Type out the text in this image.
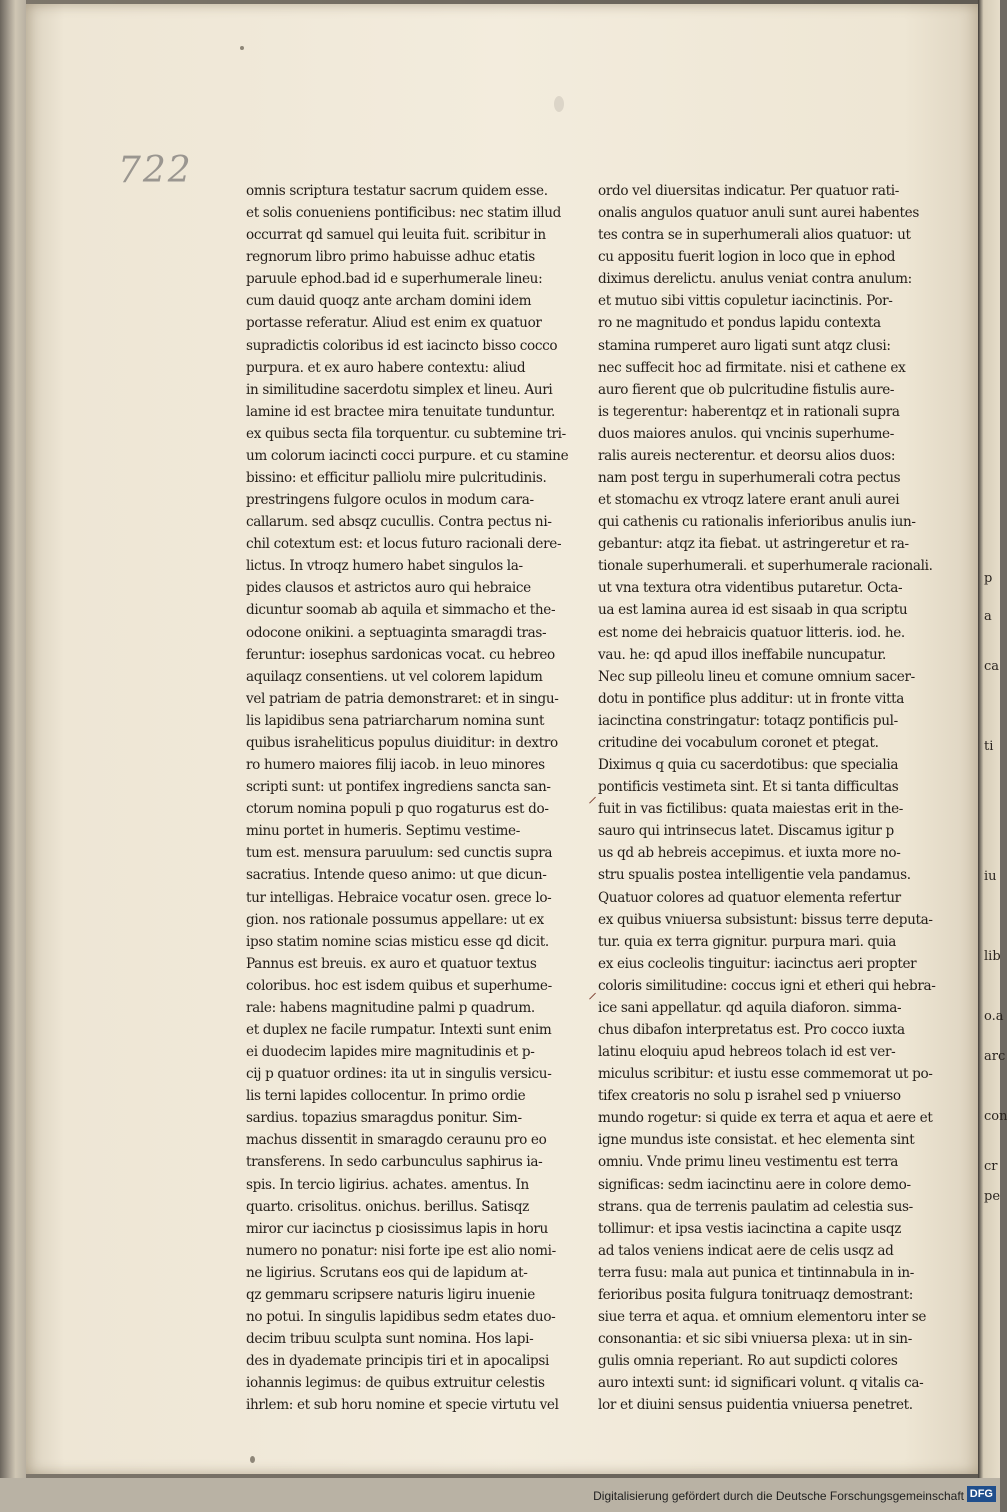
p
a
ca
ti
iu
lib
o.a
arc
con
cr
pe
722	omnis scriptura testatur sacrum quidem esse.
et solis conueniens pontificibus: nec statim illud
occurrat qd samuel qui leuita fuit. scribitur in
regnorum libro primo habuisse adhuc etatis
paruule ephod.bad id e superhumerale lineu:
cum dauid quoqz ante archam domini idem
portasse referatur. Aliud est enim ex quatuor
supradictis coloribus id est iacincto bisso cocco
purpura. et ex auro habere contextu: aliud
in similitudine sacerdotu simplex et lineu. Auri
lamine id est bractee mira tenuitate tunduntur.
ex quibus secta fila torquentur. cu subtemine tri-
um colorum iacincti cocci purpure. et cu stamine
bissino: et efficitur palliolu mire pulcritudinis.
prestringens fulgore oculos in modum cara-
callarum. sed absqz cucullis. Contra pectus ni-
chil cotextum est: et locus futuro racionali dere-
lictus. In vtroqz humero habet singulos la-
pides clausos et astrictos auro qui hebraice
dicuntur soomab ab aquila et simmacho et the-
odocone onikini. a septuaginta smaragdi tras-
feruntur: iosephus sardonicas vocat. cu hebreo
aquilaqz consentiens. ut vel colorem lapidum
vel patriam de patria demonstraret: et in singu-
lis lapidibus sena patriarcharum nomina sunt
quibus israheliticus populus diuiditur: in dextro
ro humero maiores filij iacob. in leuo minores
scripti sunt: ut pontifex ingrediens sancta san-
ctorum nomina populi p quo rogaturus est do-
minu portet in humeris. Septimu vestime-
tum est. mensura paruulum: sed cunctis supra
sacratius. Intende queso animo: ut que dicun-
tur intelligas. Hebraice vocatur osen. grece lo-
gion. nos rationale possumus appellare: ut ex
ipso statim nomine scias misticu esse qd dicit.
Pannus est breuis. ex auro et quatuor textus
coloribus. hoc est isdem quibus et superhume-
rale: habens magnitudine palmi p quadrum.
et duplex ne facile rumpatur. Intexti sunt enim
ei duodecim lapides mire magnitudinis et p-
cij p quatuor ordines: ita ut in singulis versicu-
lis terni lapides collocentur. In primo ordie
sardius. topazius smaragdus ponitur. Sim-
machus dissentit in smaragdo ceraunu pro eo
transferens. In sedo carbunculus saphirus ia-
spis. In tercio ligirius. achates. amentus. In
quarto. crisolitus. onichus. berillus. Satisqz
miror cur iacinctus p ciosissimus lapis in horu
numero no ponatur: nisi forte ipe est alio nomi-
ne ligirius. Scrutans eos qui de lapidum at-
qz gemmaru scripsere naturis ligiru inuenie
no potui. In singulis lapidibus sedm etates duo-
decim tribuu sculpta sunt nomina. Hos lapi-
des in dyademate principis tiri et in apocalipsi
iohannis legimus: de quibus extruitur celestis
ihrlem: et sub horu nomine et specie virtutu vel
ordo vel diuersitas indicatur. Per quatuor rati-
onalis angulos quatuor anuli sunt aurei habentes
tes contra se in superhumerali alios quatuor: ut
cu appositu fuerit logion in loco que in ephod
diximus derelictu. anulus veniat contra anulum:
et mutuo sibi vittis copuletur iacinctinis. Por-
ro ne magnitudo et pondus lapidu contexta
stamina rumperet auro ligati sunt atqz clusi:
nec suffecit hoc ad firmitate. nisi et cathene ex
auro fierent que ob pulcritudine fistulis aure-
is tegerentur: haberentqz et in rationali supra
duos maiores anulos. qui vncinis superhume-
ralis aureis necterentur. et deorsu alios duos:
nam post tergu in superhumerali cotra pectus
et stomachu ex vtroqz latere erant anuli aurei
qui cathenis cu rationalis inferioribus anulis iun-
gebantur: atqz ita fiebat. ut astringeretur et ra-
tionale superhumerali. et superhumerale racionali.
ut vna textura otra videntibus putaretur. Octa-
ua est lamina aurea id est sisaab in qua scriptu
est nome dei hebraicis quatuor litteris. iod. he.
vau. he: qd apud illos ineffabile nuncupatur.
Nec sup pilleolu lineu et comune omnium sacer-
dotu in pontifice plus additur: ut in fronte vitta
iacinctina constringatur: totaqz pontificis pul-
critudine dei vocabulum coronet et ptegat.
Diximus q quia cu sacerdotibus: que specialia
pontificis vestimeta sint. Et si tanta difficultas
fuit in vas fictilibus: quata maiestas erit in the-
sauro qui intrinsecus latet. Discamus igitur p
us qd ab hebreis accepimus. et iuxta more no-
stru spualis postea intelligentie vela pandamus.
Quatuor colores ad quatuor elementa refertur
ex quibus vniuersa subsistunt: bissus terre deputa-
tur. quia ex terra gignitur. purpura mari. quia
ex eius cocleolis tinguitur: iacinctus aeri propter
coloris similitudine: coccus igni et etheri qui hebra-
ice sani appellatur. qd aquila diaforon. simma-
chus dibafon interpretatus est. Pro cocco iuxta
latinu eloquiu apud hebreos tolach id est ver-
miculus scribitur: et iustu esse commemorat ut po-
tifex creatoris no solu p israhel sed p vniuerso
mundo rogetur: si quide ex terra et aqua et aere et
igne mundus iste consistat. et hec elementa sint
omniu. Vnde primu lineu vestimentu est terra
significas: sedm iacinctinu aere in colore demo-
strans. qua de terrenis paulatim ad celestia sus-
tollimur: et ipsa vestis iacinctina a capite usqz
ad talos veniens indicat aere de celis usqz ad
terra fusu: mala aut punica et tintinnabula in in-
ferioribus posita fulgura tonitruaqz demostrant:
siue terra et aqua. et omnium elementoru inter se
consonantia: et sic sibi vniuersa plexa: ut in sin-
gulis omnia reperiant. Ro aut supdicti colores
auro intexti sunt: id significari volunt. q vitalis ca-
lor et diuini sensus puidentia vniuersa penetret.
⸝
⸝
Digitalisierung gefördert durch die Deutsche Forschungsgemeinschaft DFG
